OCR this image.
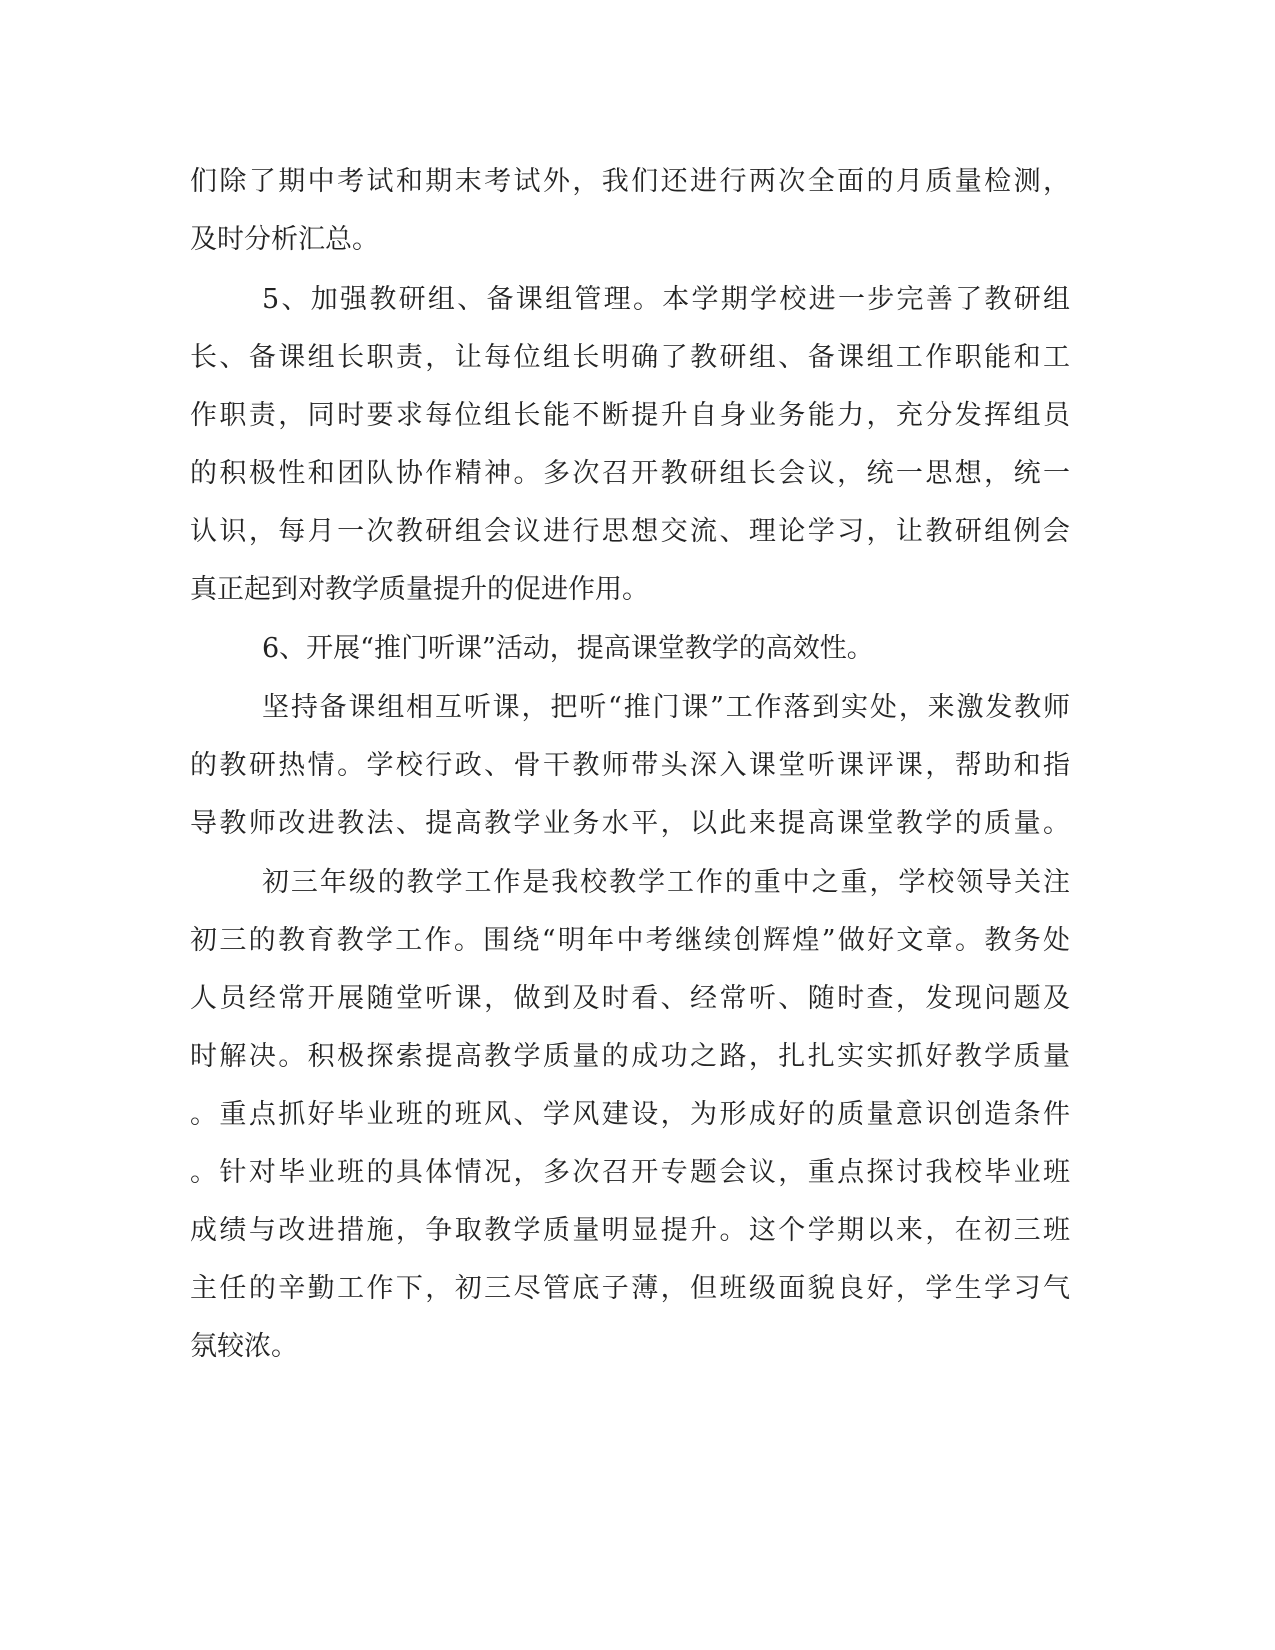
们除了期中考试和期末考试外，我们还进行两次全面的月质量检测，

及时分析汇总。

5、加强教研组、备课组管理。本学期学校进一步完善了教研组

长、备课组长职责，让每位组长明确了教研组、备课组工作职能和工

作职责，同时要求每位组长能不断提升自身业务能力，充分发挥组员

的积极性和团队协作精神。多次召开教研组长会议，统一思想，统一

认识，每月一次教研组会议进行思想交流、理论学习，让教研组例会

真正起到对教学质量提升的促进作用。

6、开展“推门听课”活动，提高课堂教学的高效性。

坚持备课组相互听课，把听“推门课”工作落到实处，来激发教师

的教研热情。学校行政、骨干教师带头深入课堂听课评课，帮助和指

导教师改进教法、提高教学业务水平，以此来提高课堂教学的质量。

初三年级的教学工作是我校教学工作的重中之重，学校领导关注

初三的教育教学工作。围绕“明年中考继续创辉煌”做好文章。教务处

人员经常开展随堂听课，做到及时看、经常听、随时查，发现问题及

时解决。积极探索提高教学质量的成功之路，扎扎实实抓好教学质量

。重点抓好毕业班的班风、学风建设，为形成好的质量意识创造条件

。针对毕业班的具体情况，多次召开专题会议，重点探讨我校毕业班

成绩与改进措施，争取教学质量明显提升。这个学期以来，在初三班

主任的辛勤工作下，初三尽管底子薄，但班级面貌良好，学生学习气

氛较浓。
